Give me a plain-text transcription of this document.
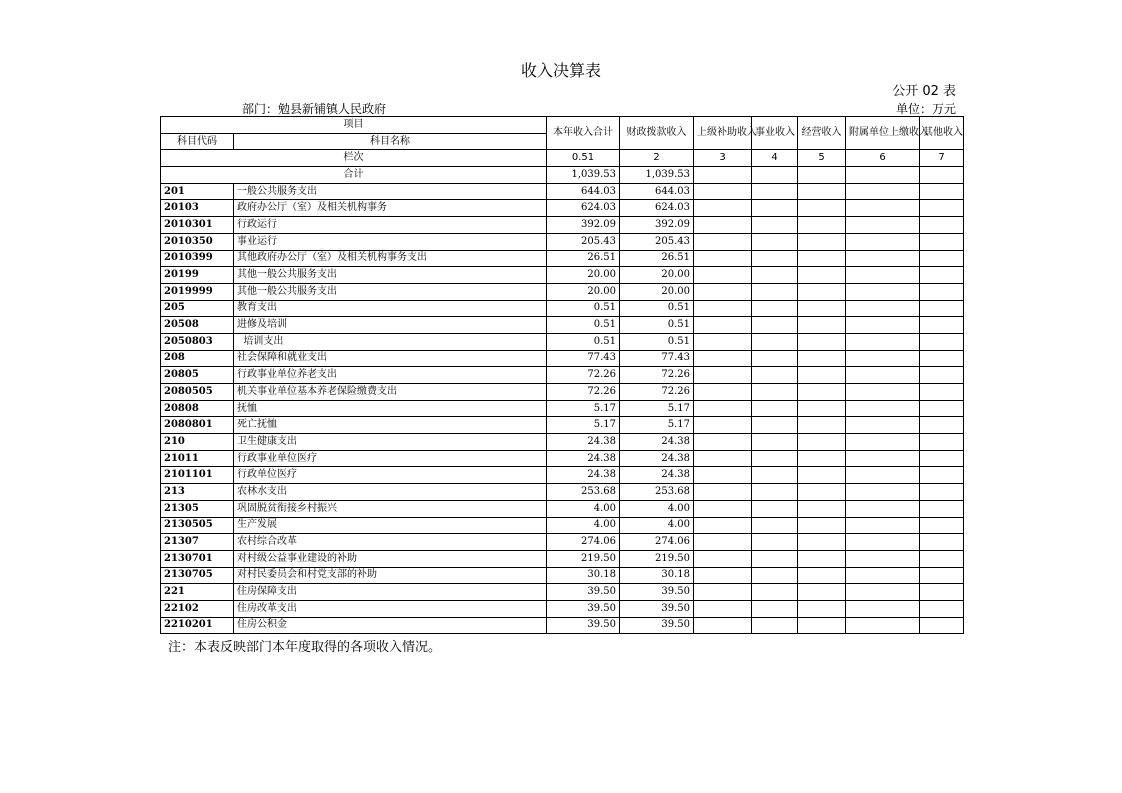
收入决算表
公开 02 表
部门：勉县新铺镇人民政府	单位：万元
项目		本年收入合计	财政拨款收入	上级补助收入	事业收入	经营收入	附属单位上缴收入	其他收入
科目代码	科目名称							
栏次		0.51	2	3	4	5	6	7
合计		1,039.53	1,039.53					
201	一般公共服务支出	644.03	644.03					
20103	政府办公厅（室）及相关机构事务	624.03	624.03					
2010301	行政运行	392.09	392.09					
2010350	事业运行	205.43	205.43					
2010399	其他政府办公厅（室）及相关机构事务支出	26.51	26.51					
20199	其他一般公共服务支出	20.00	20.00					
2019999	其他一般公共服务支出	20.00	20.00					
205	教育支出	0.51	0.51					
20508	进修及培训	0.51	0.51					
2050803	培训支出	0.51	0.51					
208	社会保障和就业支出	77.43	77.43					
20805	行政事业单位养老支出	72.26	72.26					
2080505	机关事业单位基本养老保险缴费支出	72.26	72.26					
20808	抚恤	5.17	5.17					
2080801	死亡抚恤	5.17	5.17					
210	卫生健康支出	24.38	24.38					
21011	行政事业单位医疗	24.38	24.38					
2101101	行政单位医疗	24.38	24.38					
213	农林水支出	253.68	253.68					
21305	巩固脱贫衔接乡村振兴	4.00	4.00					
2130505	生产发展	4.00	4.00					
21307	农村综合改革	274.06	274.06					
2130701	对村级公益事业建设的补助	219.50	219.50					
2130705	对村民委员会和村党支部的补助	30.18	30.18					
221	住房保障支出	39.50	39.50					
22102	住房改革支出	39.50	39.50					
2210201	住房公积金	39.50	39.50					
注：本表反映部门本年度取得的各项收入情况。
